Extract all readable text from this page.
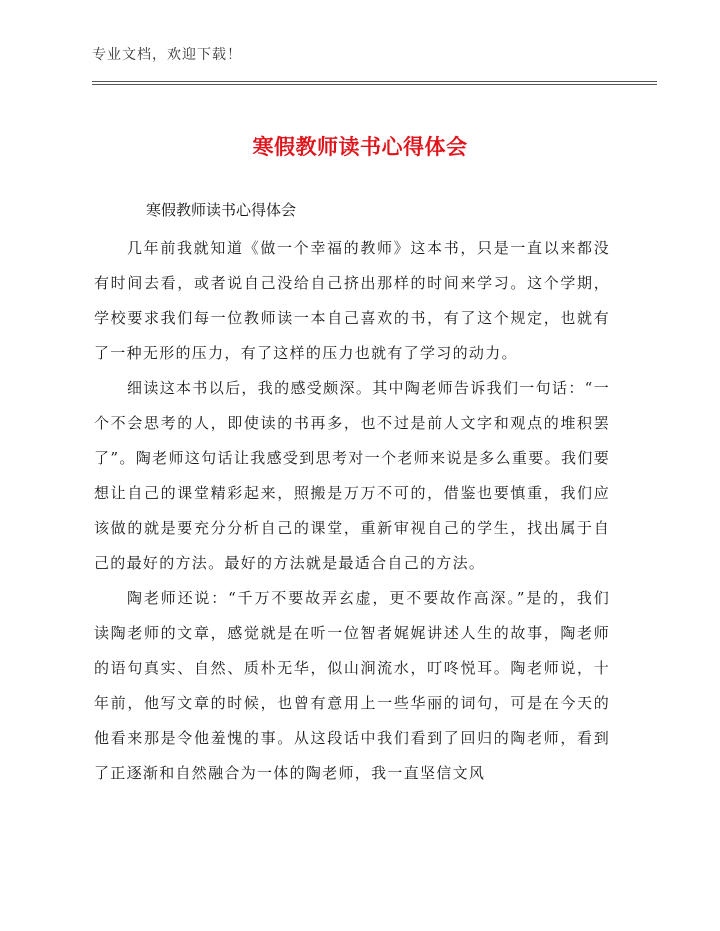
专业文档，欢迎下载！
寒假教师读书心得体会
寒假教师读书心得体会

几年前我就知道《做一个幸福的教师》这本书，只是一直以来都没有时间去看，或者说自己没给自己挤出那样的时间来学习。这个学期，学校要求我们每一位教师读一本自己喜欢的书，有了这个规定，也就有了一种无形的压力，有了这样的压力也就有了学习的动力。

细读这本书以后，我的感受颇深。其中陶老师告诉我们一句话：“一个不会思考的人，即使读的书再多，也不过是前人文字和观点的堆积罢了”。陶老师这句话让我感受到思考对一个老师来说是多么重要。我们要想让自己的课堂精彩起来，照搬是万万不可的，借鉴也要慎重，我们应该做的就是要充分分析自己的课堂，重新审视自己的学生，找出属于自己的最好的方法。最好的方法就是最适合自己的方法。

陶老师还说：“千万不要故弄玄虚，更不要故作高深。”是的，我们读陶老师的文章，感觉就是在听一位智者娓娓讲述人生的故事，陶老师的语句真实、自然、质朴无华，似山涧流水，叮咚悦耳。陶老师说，十年前，他写文章的时候，也曾有意用上一些华丽的词句，可是在今天的他看来那是令他羞愧的事。从这段话中我们看到了回归的陶老师，看到了正逐渐和自然融合为一体的陶老师，我一直坚信文风
